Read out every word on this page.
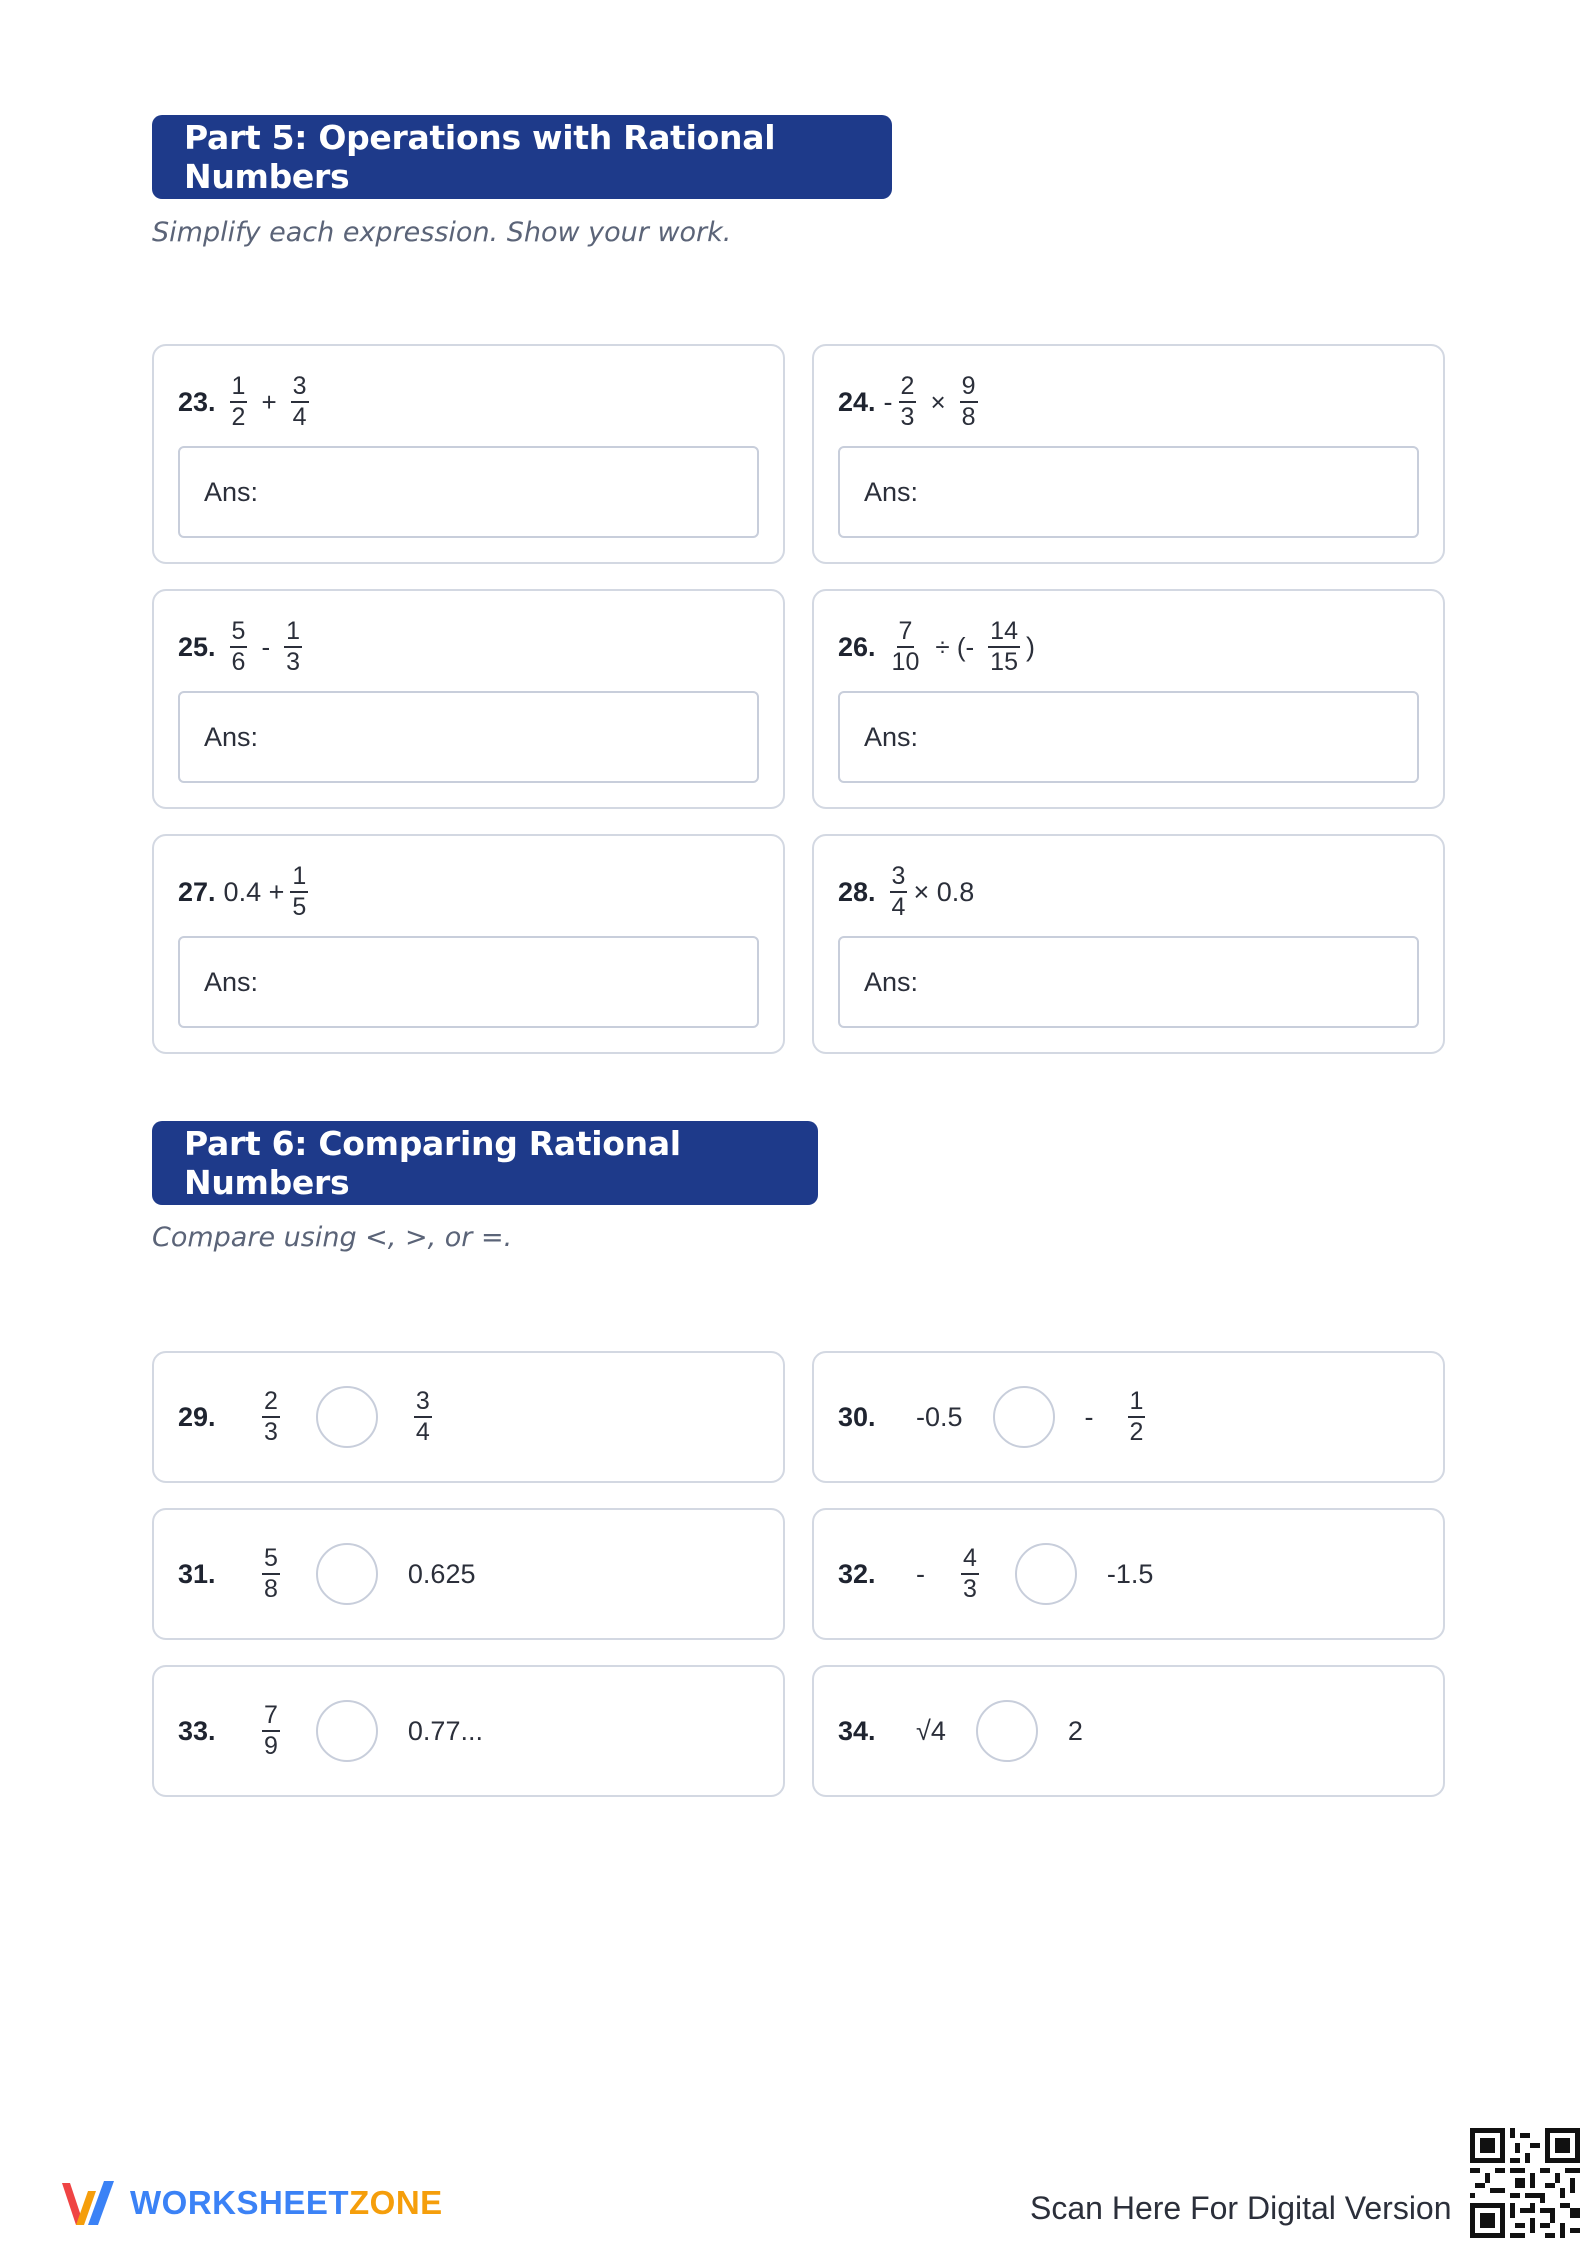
Part 5: Operations with Rational Numbers
Simplify each expression. Show your work.
23. $\frac{1}{2} + \frac{3}{4}$
Ans:
24. - $\frac{2}{3} \times \frac{9}{8}$
Ans:
25. $\frac{5}{6} - \frac{1}{3}$
Ans:
26. $\frac{7}{10}$ ÷ (- $\frac{14}{15}$ )
Ans:
27. $0.4 + \frac{1}{5}$
Ans:
28. $\frac{3}{4} \times 0.8$
Ans:
Part 6: Comparing Rational Numbers
Compare using <, >, or =.
29.	$\frac{2}{3}$	$\frac{3}{4}$	30.	-0.5	- $\frac{1}{2}$
31.	$\frac{5}{8}$	0.625	32.	- $\frac{4}{3}$	-1.5
33.	$\frac{7}{9}$	0.77...	34.	√4	2
WORKSHEETZONE	Scan Here For Digital Version
